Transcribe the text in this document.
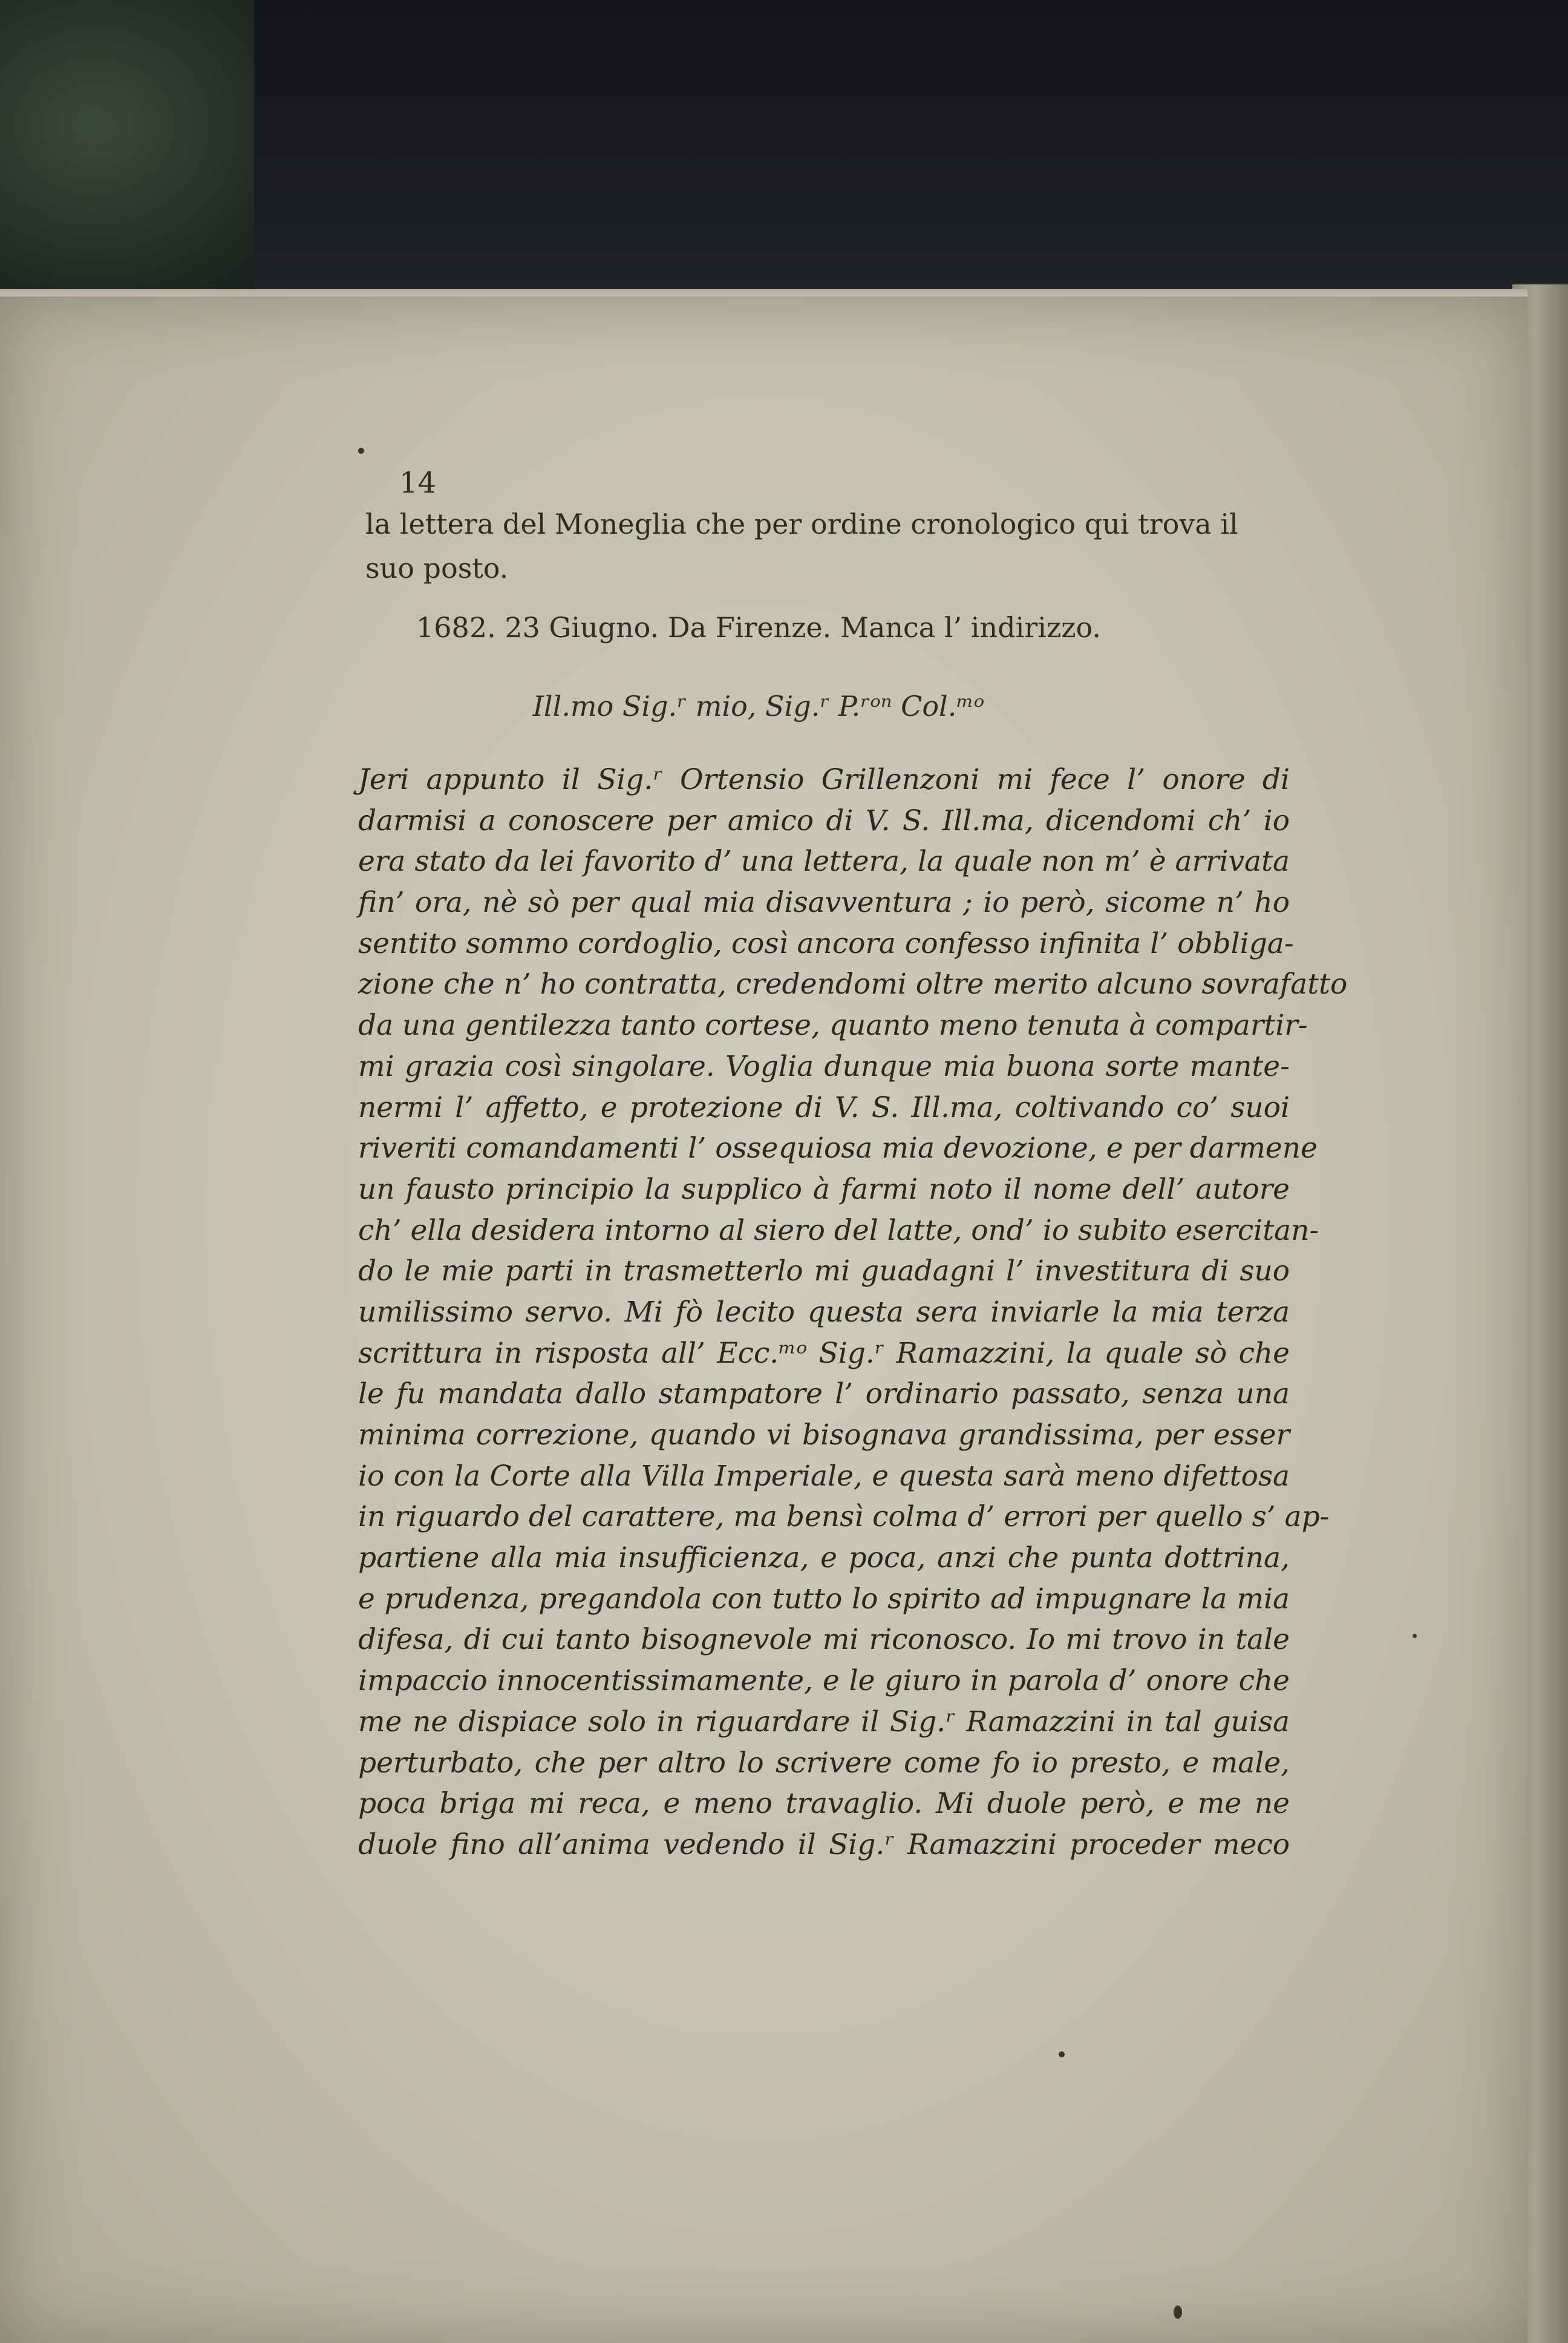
14
la lettera del Moneglia che per ordine cronologico qui trova il
suo posto.
1682. 23 Giugno. Da Firenze. Manca l’ indirizzo.
Ill.mo Sig.ʳ mio, Sig.ʳ P.ʳᵒⁿ Col.ᵐᵒ
Jeri appunto il Sig.ʳ Ortensio Grillenzoni mi fece l’ onore di
darmisi a conoscere per amico di V. S. Ill.ma, dicendomi ch’ io
era stato da lei favorito d’ una lettera, la quale non m’ è arrivata
fin’ ora, nè sò per qual mia disavventura ; io però, sicome n’ ho
sentito sommo cordoglio, così ancora confesso infinita l’ obbliga-
zione che n’ ho contratta, credendomi oltre merito alcuno sovrafatto
da una gentilezza tanto cortese, quanto meno tenuta à compartir-
mi grazia così singolare. Voglia dunque mia buona sorte mante-
nermi l’ affetto, e protezione di V. S. Ill.ma, coltivando co’ suoi
riveriti comandamenti l’ ossequiosa mia devozione, e per darmene
un fausto principio la supplico à farmi noto il nome dell’ autore
ch’ ella desidera intorno al siero del latte, ond’ io subito esercitan-
do le mie parti in trasmetterlo mi guadagni l’ investitura di suo
umilissimo servo. Mi fò lecito questa sera inviarle la mia terza
scrittura in risposta all’ Ecc.ᵐᵒ Sig.ʳ Ramazzini, la quale sò che
le fu mandata dallo stampatore l’ ordinario passato, senza una
minima correzione, quando vi bisognava grandissima, per esser
io con la Corte alla Villa Imperiale, e questa sarà meno difettosa
in riguardo del carattere, ma bensì colma d’ errori per quello s’ ap-
partiene alla mia insufficienza, e poca, anzi che punta dottrina,
e prudenza, pregandola con tutto lo spirito ad impugnare la mia
difesa, di cui tanto bisognevole mi riconosco. Io mi trovo in tale
impaccio innocentissimamente, e le giuro in parola d’ onore che
me ne dispiace solo in riguardare il Sig.ʳ Ramazzini in tal guisa
perturbato, che per altro lo scrivere come fo io presto, e male,
poca briga mi reca, e meno travaglio. Mi duole però, e me ne
duole fino all’anima vedendo il Sig.ʳ Ramazzini proceder meco
